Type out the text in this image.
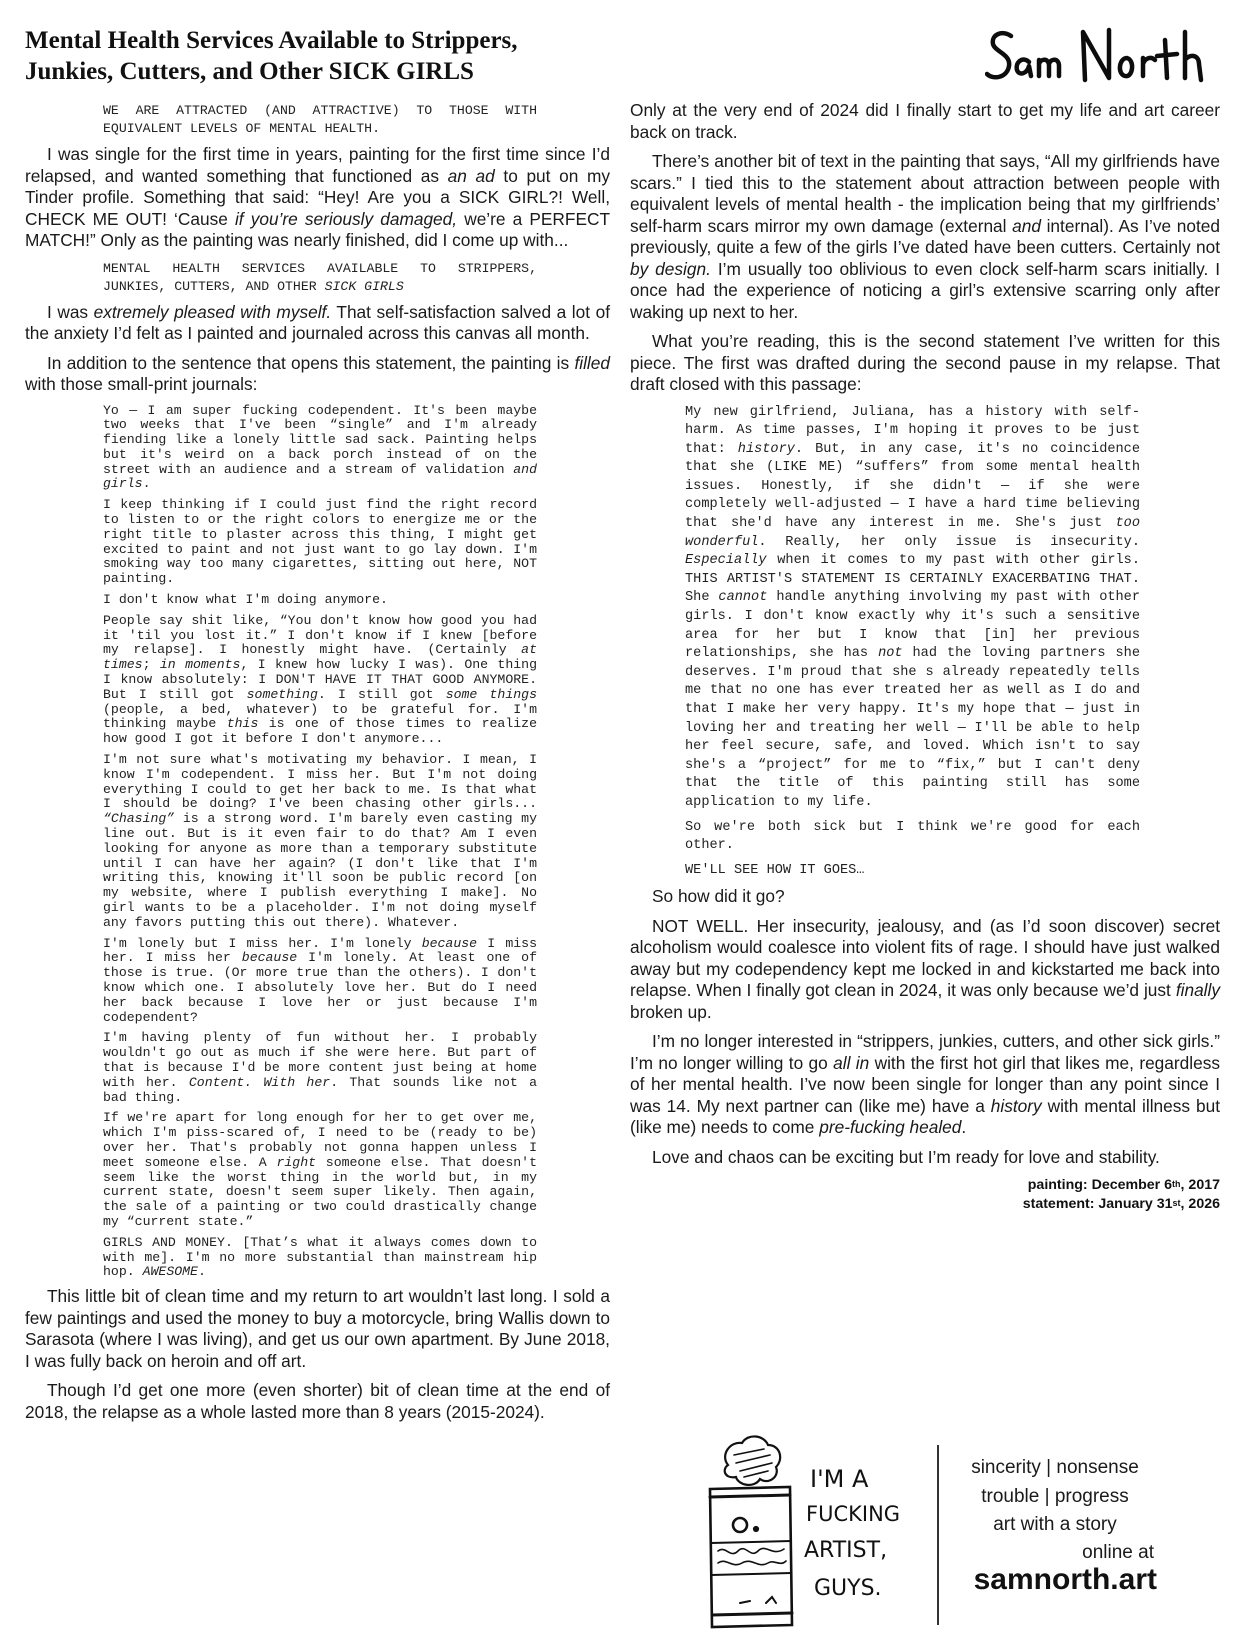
Mental Health Services Available to Strippers,
Junkies, Cutters, and Other SICK GIRLS

WE ARE ATTRACTED (AND ATTRACTIVE) TO THOSE WITH EQUIVALENT LEVELS OF MENTAL HEALTH.

I was single for the first time in years, painting for the first time since I’d relapsed, and wanted something that functioned as an ad to put on my Tinder profile. Something that said: “Hey! Are you a SICK GIRL?! Well, CHECK ME OUT! ‘Cause if you’re seriously damaged, we’re a PERFECT MATCH!” Only as the painting was nearly finished, did I come up with...

MENTAL HEALTH SERVICES AVAILABLE TO STRIPPERS, JUNKIES, CUTTERS, AND OTHER SICK GIRLS

I was extremely pleased with myself. That self-satisfaction salved a lot of the anxiety I’d felt as I painted and journaled across this canvas all month.

In addition to the sentence that opens this statement, the painting is filled with those small-print journals:

Yo — I am super fucking codependent. It's been maybe two weeks that I've been “single” and I'm already fiending like a lonely little sad sack. Painting helps but it's weird on a back porch instead of on the street with an audience and a stream of validation and girls.

I keep thinking if I could just find the right record to listen to or the right colors to energize me or the right title to plaster across this thing, I might get excited to paint and not just want to go lay down. I'm smoking way too many cigarettes, sitting out here, NOT painting.

I don't know what I'm doing anymore.

People say shit like, “You don't know how good you had it 'til you lost it.” I don't know if I knew [before my relapse]. I honestly might have. (Certainly at times; in moments, I knew how lucky I was). One thing I know absolutely: I DON'T HAVE IT THAT GOOD ANYMORE. But I still got something. I still got some things (people, a bed, whatever) to be grateful for. I'm thinking maybe this is one of those times to realize how good I got it before I don't anymore...

I'm not sure what's motivating my behavior. I mean, I know I'm codependent. I miss her. But I'm not doing everything I could to get her back to me. Is that what I should be doing? I've been chasing other girls... “Chasing” is a strong word. I'm barely even casting my line out. But is it even fair to do that? Am I even looking for anyone as more than a temporary substitute until I can have her again? (I don't like that I'm writing this, knowing it'll soon be public record [on my website, where I publish everything I make]. No girl wants to be a placeholder. I'm not doing myself any favors putting this out there). Whatever.

I'm lonely but I miss her. I'm lonely because I miss her. I miss her because I'm lonely. At least one of those is true. (Or more true than the others). I don't know which one. I absolutely love her. But do I need her back because I love her or just because I'm codependent?

I'm having plenty of fun without her. I probably wouldn't go out as much if she were here. But part of that is because I'd be more content just being at home with her. Content. With her. That sounds like not a bad thing.

If we're apart for long enough for her to get over me, which I'm piss-scared of, I need to be (ready to be) over her. That's probably not gonna happen unless I meet someone else. A right someone else. That doesn't seem like the worst thing in the world but, in my current state, doesn't seem super likely. Then again, the sale of a painting or two could drastically change my “current state.”

GIRLS AND MONEY. [That’s what it always comes down to with me]. I'm no more substantial than mainstream hip hop. AWESOME.

This little bit of clean time and my return to art wouldn’t last long. I sold a few paintings and used the money to buy a motorcycle, bring Wallis down to Sarasota (where I was living), and get us our own apartment. By June 2018, I was fully back on heroin and off art.

Though I’d get one more (even shorter) bit of clean time at the end of 2018, the relapse as a whole lasted more than 8 years (2015-2024).

Only at the very end of 2024 did I finally start to get my life and art career back on track.

There’s another bit of text in the painting that says, “All my girlfriends have scars.” I tied this to the statement about attraction between people with equivalent levels of mental health - the implication being that my girlfriends’ self-harm scars mirror my own damage (external and internal). As I’ve noted previously, quite a few of the girls I’ve dated have been cutters. Certainly not by design. I’m usually too oblivious to even clock self-harm scars initially. I once had the experience of noticing a girl’s extensive scarring only after waking up next to her.

What you’re reading, this is the second statement I’ve written for this piece. The first was drafted during the second pause in my relapse. That draft closed with this passage:

My new girlfriend, Juliana, has a history with self-harm. As time passes, I'm hoping it proves to be just that: history. But, in any case, it's no coincidence that she (LIKE ME) “suffers” from some mental health issues. Honestly, if she didn't — if she were completely well-adjusted — I have a hard time believing that she'd have any interest in me. She's just too wonderful. Really, her only issue is insecurity. Especially when it comes to my past with other girls. THIS ARTIST'S STATEMENT IS CERTAINLY EXACERBATING THAT. She cannot handle anything involving my past with other girls. I don't know exactly why it's such a sensitive area for her but I know that [in] her previous relationships, she has not had the loving partners she deserves. I'm proud that she s already repeatedly tells me that no one has ever treated her as well as I do and that I make her very happy. It's my hope that — just in loving her and treating her well — I'll be able to help her feel secure, safe, and loved. Which isn't to say she's a “project” for me to “fix,” but I can't deny that the title of this painting still has some application to my life.

So we're both sick but I think we're good for each other.

WE'LL SEE HOW IT GOES…

So how did it go?

NOT WELL. Her insecurity, jealousy, and (as I’d soon discover) secret alcoholism would coalesce into violent fits of rage. I should have just walked away but my codependency kept me locked in and kickstarted me back into relapse. When I finally got clean in 2024, it was only because we’d just finally broken up.

I’m no longer interested in “strippers, junkies, cutters, and other sick girls.” I’m no longer willing to go all in with the first hot girl that likes me, regardless of her mental health. I’ve now been single for longer than any point since I was 14. My next partner can (like me) have a history with mental illness but (like me) needs to come pre-fucking healed.

Love and chaos can be exciting but I’m ready for love and stability.

painting: December 6th, 2017
statement: January 31st, 2026
I'M A
FUCKING
ARTIST,
GUYS.
sincerity | nonsense
trouble | progress
art with a story
online at
samnorth.art
